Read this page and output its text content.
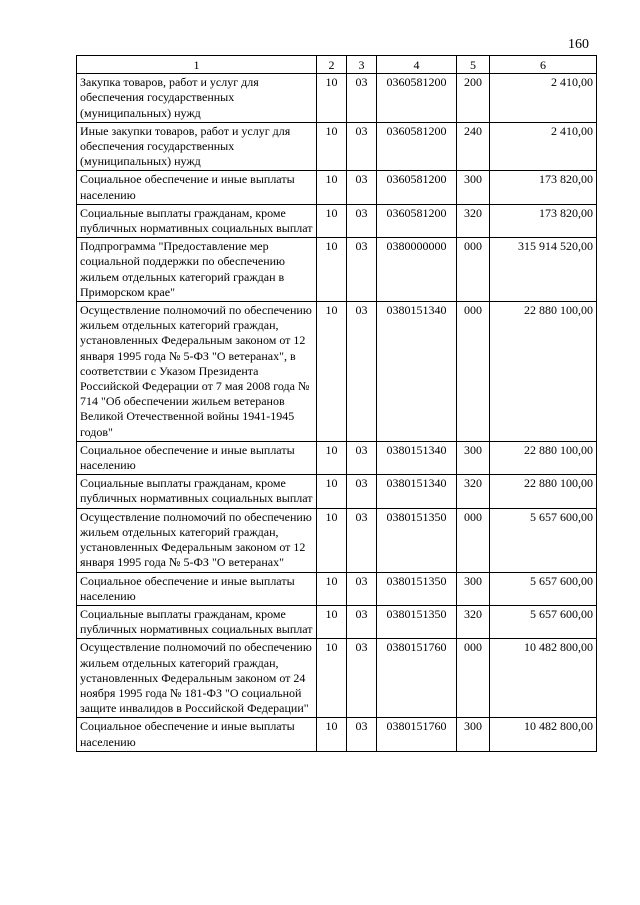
160
1	2	3	4	5	6
Закупка товаров, работ и услуг для обеспечения государственных (муниципальных) нужд	10	03	0360581200	200	2 410,00
Иные закупки товаров, работ и услуг для обеспечения государственных (муниципальных) нужд	10	03	0360581200	240	2 410,00
Социальное обеспечение и иные выплаты населению	10	03	0360581200	300	173 820,00
Социальные выплаты гражданам, кроме публичных нормативных социальных выплат	10	03	0360581200	320	173 820,00
Подпрограмма "Предоставление мер социальной поддержки по обеспечению жильем отдельных категорий граждан в Приморском крае"	10	03	0380000000	000	315 914 520,00
Осуществление полномочий по обеспечению жильем отдельных категорий граждан, установленных Федеральным законом от 12 января 1995 года № 5-ФЗ "О ветеранах", в соответствии с Указом Президента Российской Федерации от 7 мая 2008 года № 714 "Об обеспечении жильем ветеранов Великой Отечественной войны 1941-1945 годов"	10	03	0380151340	000	22 880 100,00
Социальное обеспечение и иные выплаты населению	10	03	0380151340	300	22 880 100,00
Социальные выплаты гражданам, кроме публичных нормативных социальных выплат	10	03	0380151340	320	22 880 100,00
Осуществление полномочий по обеспечению жильем отдельных категорий граждан, установленных Федеральным законом от 12 января 1995 года № 5-ФЗ "О ветеранах"	10	03	0380151350	000	5 657 600,00
Социальное обеспечение и иные выплаты населению	10	03	0380151350	300	5 657 600,00
Социальные выплаты гражданам, кроме публичных нормативных социальных выплат	10	03	0380151350	320	5 657 600,00
Осуществление полномочий по обеспечению жильем отдельных категорий граждан, установленных Федеральным законом от 24 ноября 1995 года № 181-ФЗ "О социальной защите инвалидов в Российской Федерации"	10	03	0380151760	000	10 482 800,00
Социальное обеспечение и иные выплаты населению	10	03	0380151760	300	10 482 800,00
